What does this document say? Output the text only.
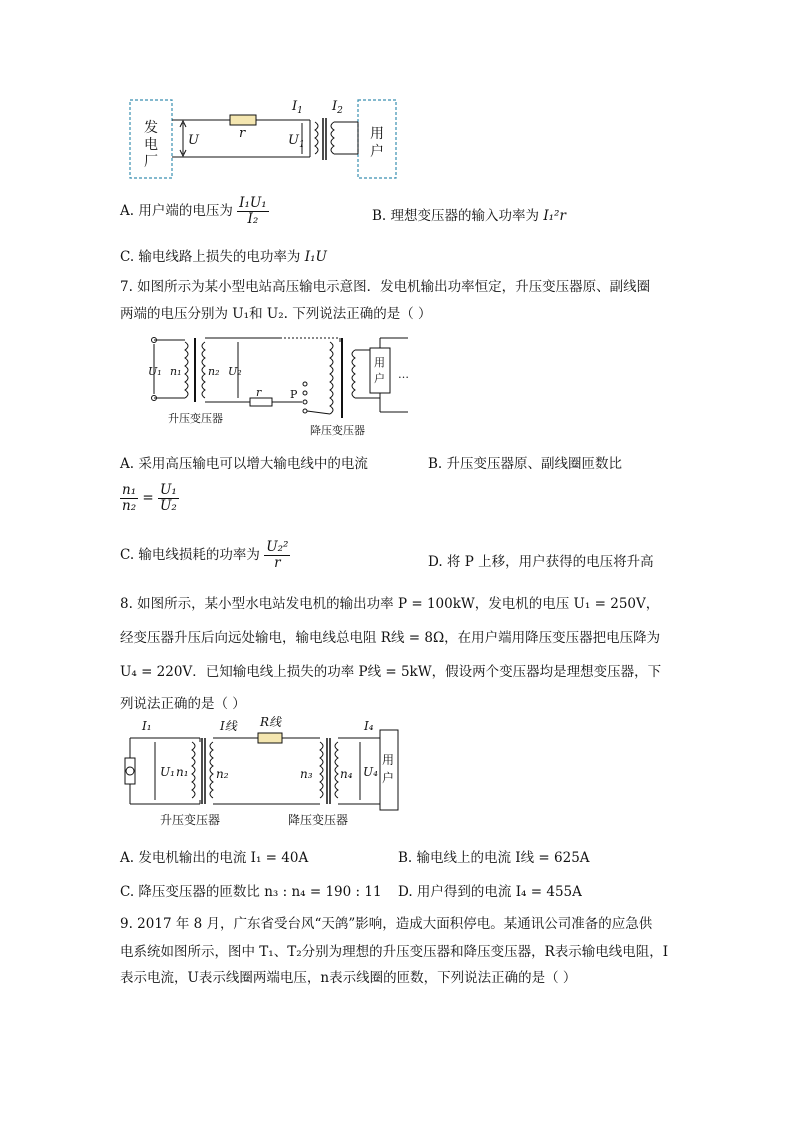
发
电
厂
用
户
r
U	$U_1$
$I_1$ $I_2$
A. 用户端的电压为 $\frac{\text{I₁U₁}}{\text{I₂}}$	B. 理想变压器的输入功率为 I₁²r
C. 输电线路上损失的电功率为 I₁U
7. 如图所示为某小型电站高压输电示意图．发电机输出功率恒定，升压变压器原、副线圈
两端的电压分别为 U₁和 U₂. 下列说法正确的是（ ）
U₁ n₁ n₂ U₂
r	P
用
户 …
升压变压器
降压变压器
A. 采用高压输电可以增大输电线中的电流	B. 升压变压器原、副线圈匝数比
$\frac{\text{n₁}}{\text{n₂}} = \frac{\text{U₁}}{\text{U₂}}$
C. 输电线损耗的功率为 $\frac{\text{U₂²}}{r}$	D. 将 P 上移，用户获得的电压将升高
8. 如图所示，某小型水电站发电机的输出功率 P = 100kW，发电机的电压 U₁ = 250V，
经变压器升压后向远处输电，输电线总电阻 R线 = 8Ω，在用户端用降压变压器把电压降为
U₄ = 220V．已知输电线上损失的功率 P线 = 5kW，假设两个变压器均是理想变压器，下
列说法正确的是（ ）
I₁	I线 R线	I₄
U₁ n₁ n₂	n₃ n₄ U₄
用
户
升压变压器	降压变压器
A. 发电机输出的电流 I₁ = 40A	B. 输电线上的电流 I线 = 625A
C. 降压变压器的匝数比 n₃ : n₄ = 190 : 11 D. 用户得到的电流 I₄ = 455A
9. 2017 年 8 月，广东省受台风“天鸽”影响，造成大面积停电。某通讯公司准备的应急供
电系统如图所示，图中 T₁、T₂分别为理想的升压变压器和降压变压器，R表示输电线电阻，I
表示电流，U表示线圈两端电压，n表示线圈的匝数，下列说法正确的是（ ）
